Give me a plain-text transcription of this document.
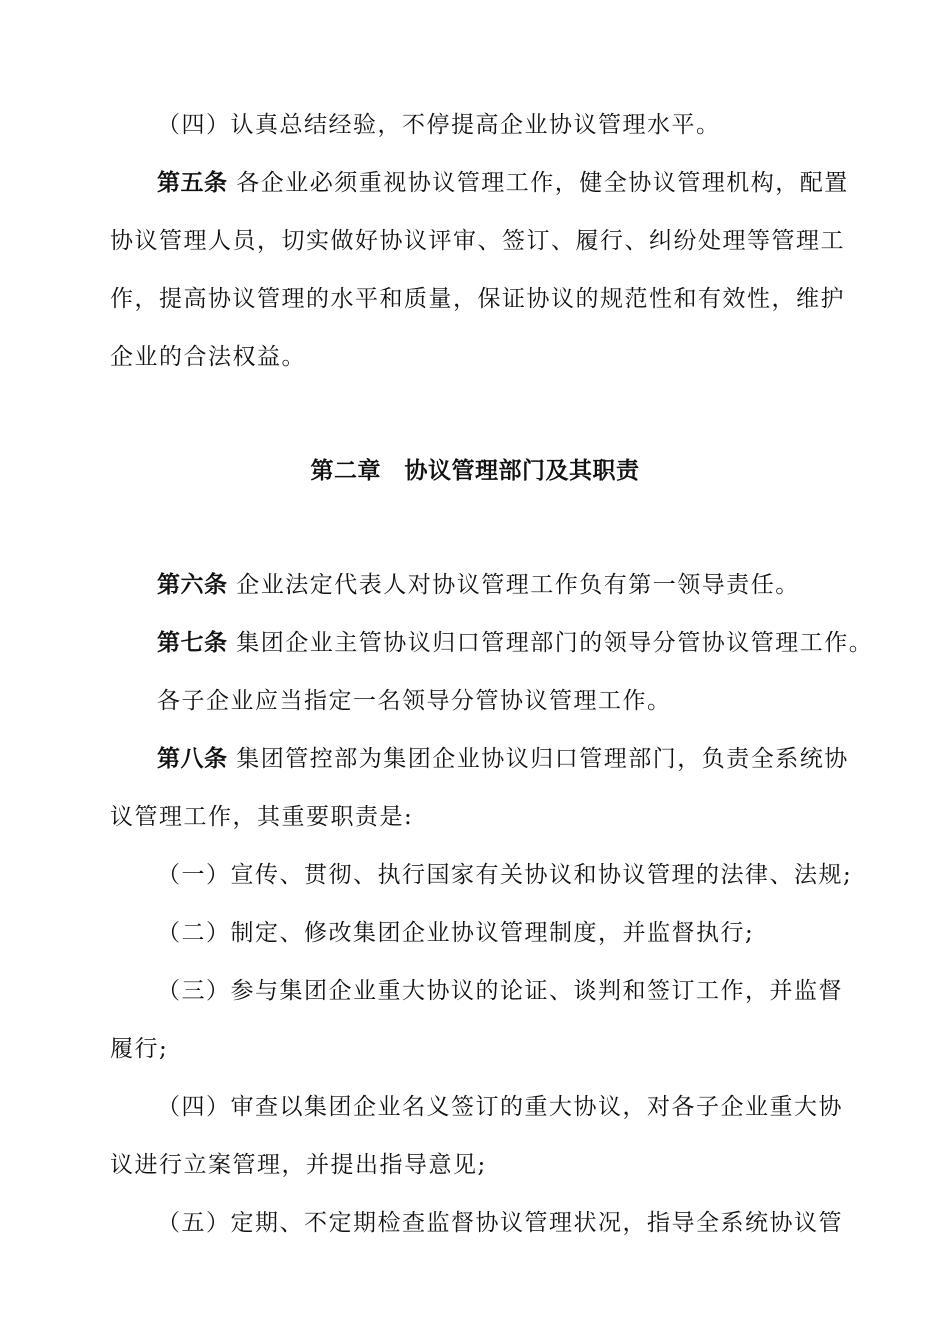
（四）认真总结经验，不停提高企业协议管理水平。
第五条 各企业必须重视协议管理工作，健全协议管理机构，配置
协议管理人员，切实做好协议评审、签订、履行、纠纷处理等管理工
作，提高协议管理的水平和质量，保证协议的规范性和有效性，维护
企业的合法权益。
第二章　协议管理部门及其职责
第六条 企业法定代表人对协议管理工作负有第一领导责任。
第七条 集团企业主管协议归口管理部门的领导分管协议管理工作。
各子企业应当指定一名领导分管协议管理工作。
第八条 集团管控部为集团企业协议归口管理部门，负责全系统协
议管理工作，其重要职责是:
（一）宣传、贯彻、执行国家有关协议和协议管理的法律、法规;
（二）制定、修改集团企业协议管理制度，并监督执行;
（三）参与集团企业重大协议的论证、谈判和签订工作，并监督
履行;
（四）审查以集团企业名义签订的重大协议，对各子企业重大协
议进行立案管理，并提出指导意见;
（五）定期、不定期检查监督协议管理状况，指导全系统协议管
